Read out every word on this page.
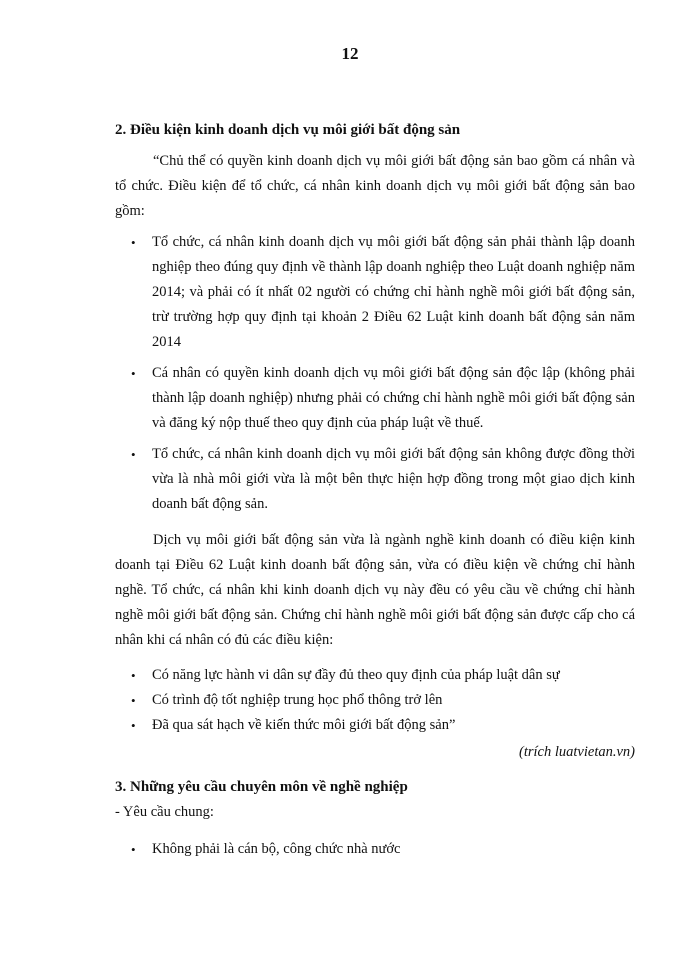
12

2. Điều kiện kinh doanh dịch vụ môi giới bất động sản

“Chủ thể có quyền kinh doanh dịch vụ môi giới bất động sản bao gồm cá nhân và tổ chức. Điều kiện để tổ chức, cá nhân kinh doanh dịch vụ môi giới bất động sản bao gồm:

• Tổ chức, cá nhân kinh doanh dịch vụ môi giới bất động sản phải thành lập doanh nghiệp theo đúng quy định về thành lập doanh nghiệp theo Luật doanh nghiệp năm 2014; và phải có ít nhất 02 người có chứng chỉ hành nghề môi giới bất động sản, trừ trường hợp quy định tại khoản 2 Điều 62 Luật kinh doanh bất động sản năm 2014
• Cá nhân có quyền kinh doanh dịch vụ môi giới bất động sản độc lập (không phải thành lập doanh nghiệp) nhưng phải có chứng chỉ hành nghề môi giới bất động sản và đăng ký nộp thuế theo quy định của pháp luật về thuế.
• Tổ chức, cá nhân kinh doanh dịch vụ môi giới bất động sản không được đồng thời vừa là nhà môi giới vừa là một bên thực hiện hợp đồng trong một giao dịch kinh doanh bất động sản.

Dịch vụ môi giới bất động sản vừa là ngành nghề kinh doanh có điều kiện kinh doanh tại Điều 62 Luật kinh doanh bất động sản, vừa có điều kiện về chứng chỉ hành nghề. Tổ chức, cá nhân khi kinh doanh dịch vụ này đều có yêu cầu về chứng chỉ hành nghề môi giới bất động sản. Chứng chỉ hành nghề môi giới bất động sản được cấp cho cá nhân khi cá nhân có đủ các điều kiện:

• Có năng lực hành vi dân sự đầy đủ theo quy định của pháp luật dân sự
• Có trình độ tốt nghiệp trung học phổ thông trở lên
• Đã qua sát hạch về kiến thức môi giới bất động sản”

(trích luatvietan.vn)

3. Những yêu cầu chuyên môn về nghề nghiệp

- Yêu cầu chung:

• Không phải là cán bộ, công chức nhà nước
